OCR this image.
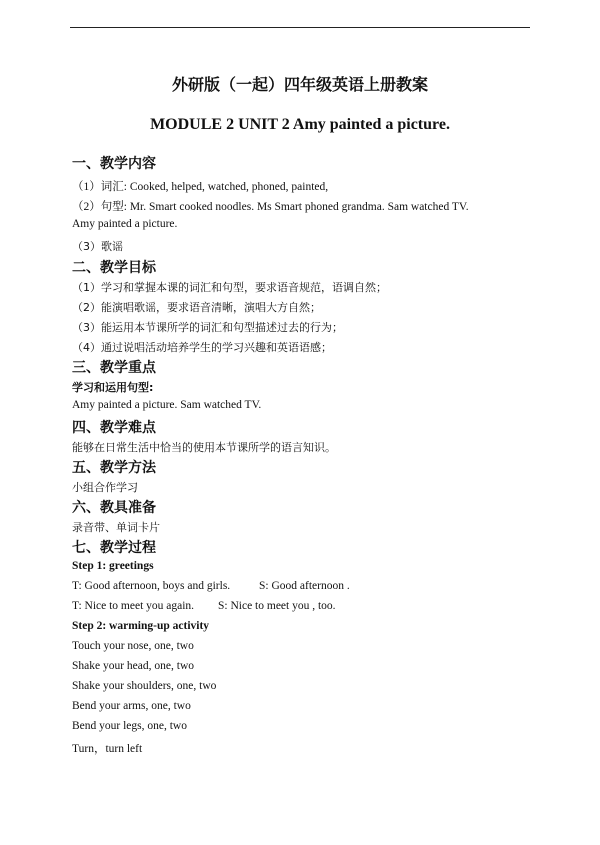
外研版（一起）四年级英语上册教案
MODULE 2 UNIT 2 Amy painted a picture.
一、教学内容
（1）词汇: Cooked, helped, watched, phoned, painted,
（2）句型: Mr. Smart cooked noodles. Ms Smart phoned grandma. Sam watched TV.
Amy painted a picture.
（3）歌谣
二、教学目标
（1）学习和掌握本课的词汇和句型，要求语音规范，语调自然；
（2）能演唱歌谣，要求语音清晰，演唱大方自然；
（3）能运用本节课所学的词汇和句型描述过去的行为；
（4）通过说唱活动培养学生的学习兴趣和英语语感；
三、教学重点
学习和运用句型:
Amy painted a picture. Sam watched TV.
四、教学难点
能够在日常生活中恰当的使用本节课所学的语言知识。
五、教学方法
小组合作学习
六、教具准备
录音带、单词卡片
七、教学过程
Step 1: greetings
T: Good afternoon, boys and girls.	S: Good afternoon .
T: Nice to meet you again. S: Nice to meet you , too.
Step 2: warming-up activity
Touch your nose, one, two
Shake your head, one, two
Shake your shoulders, one, two
Bend your arms, one, two
Bend your legs, one, two
Turn，turn left
